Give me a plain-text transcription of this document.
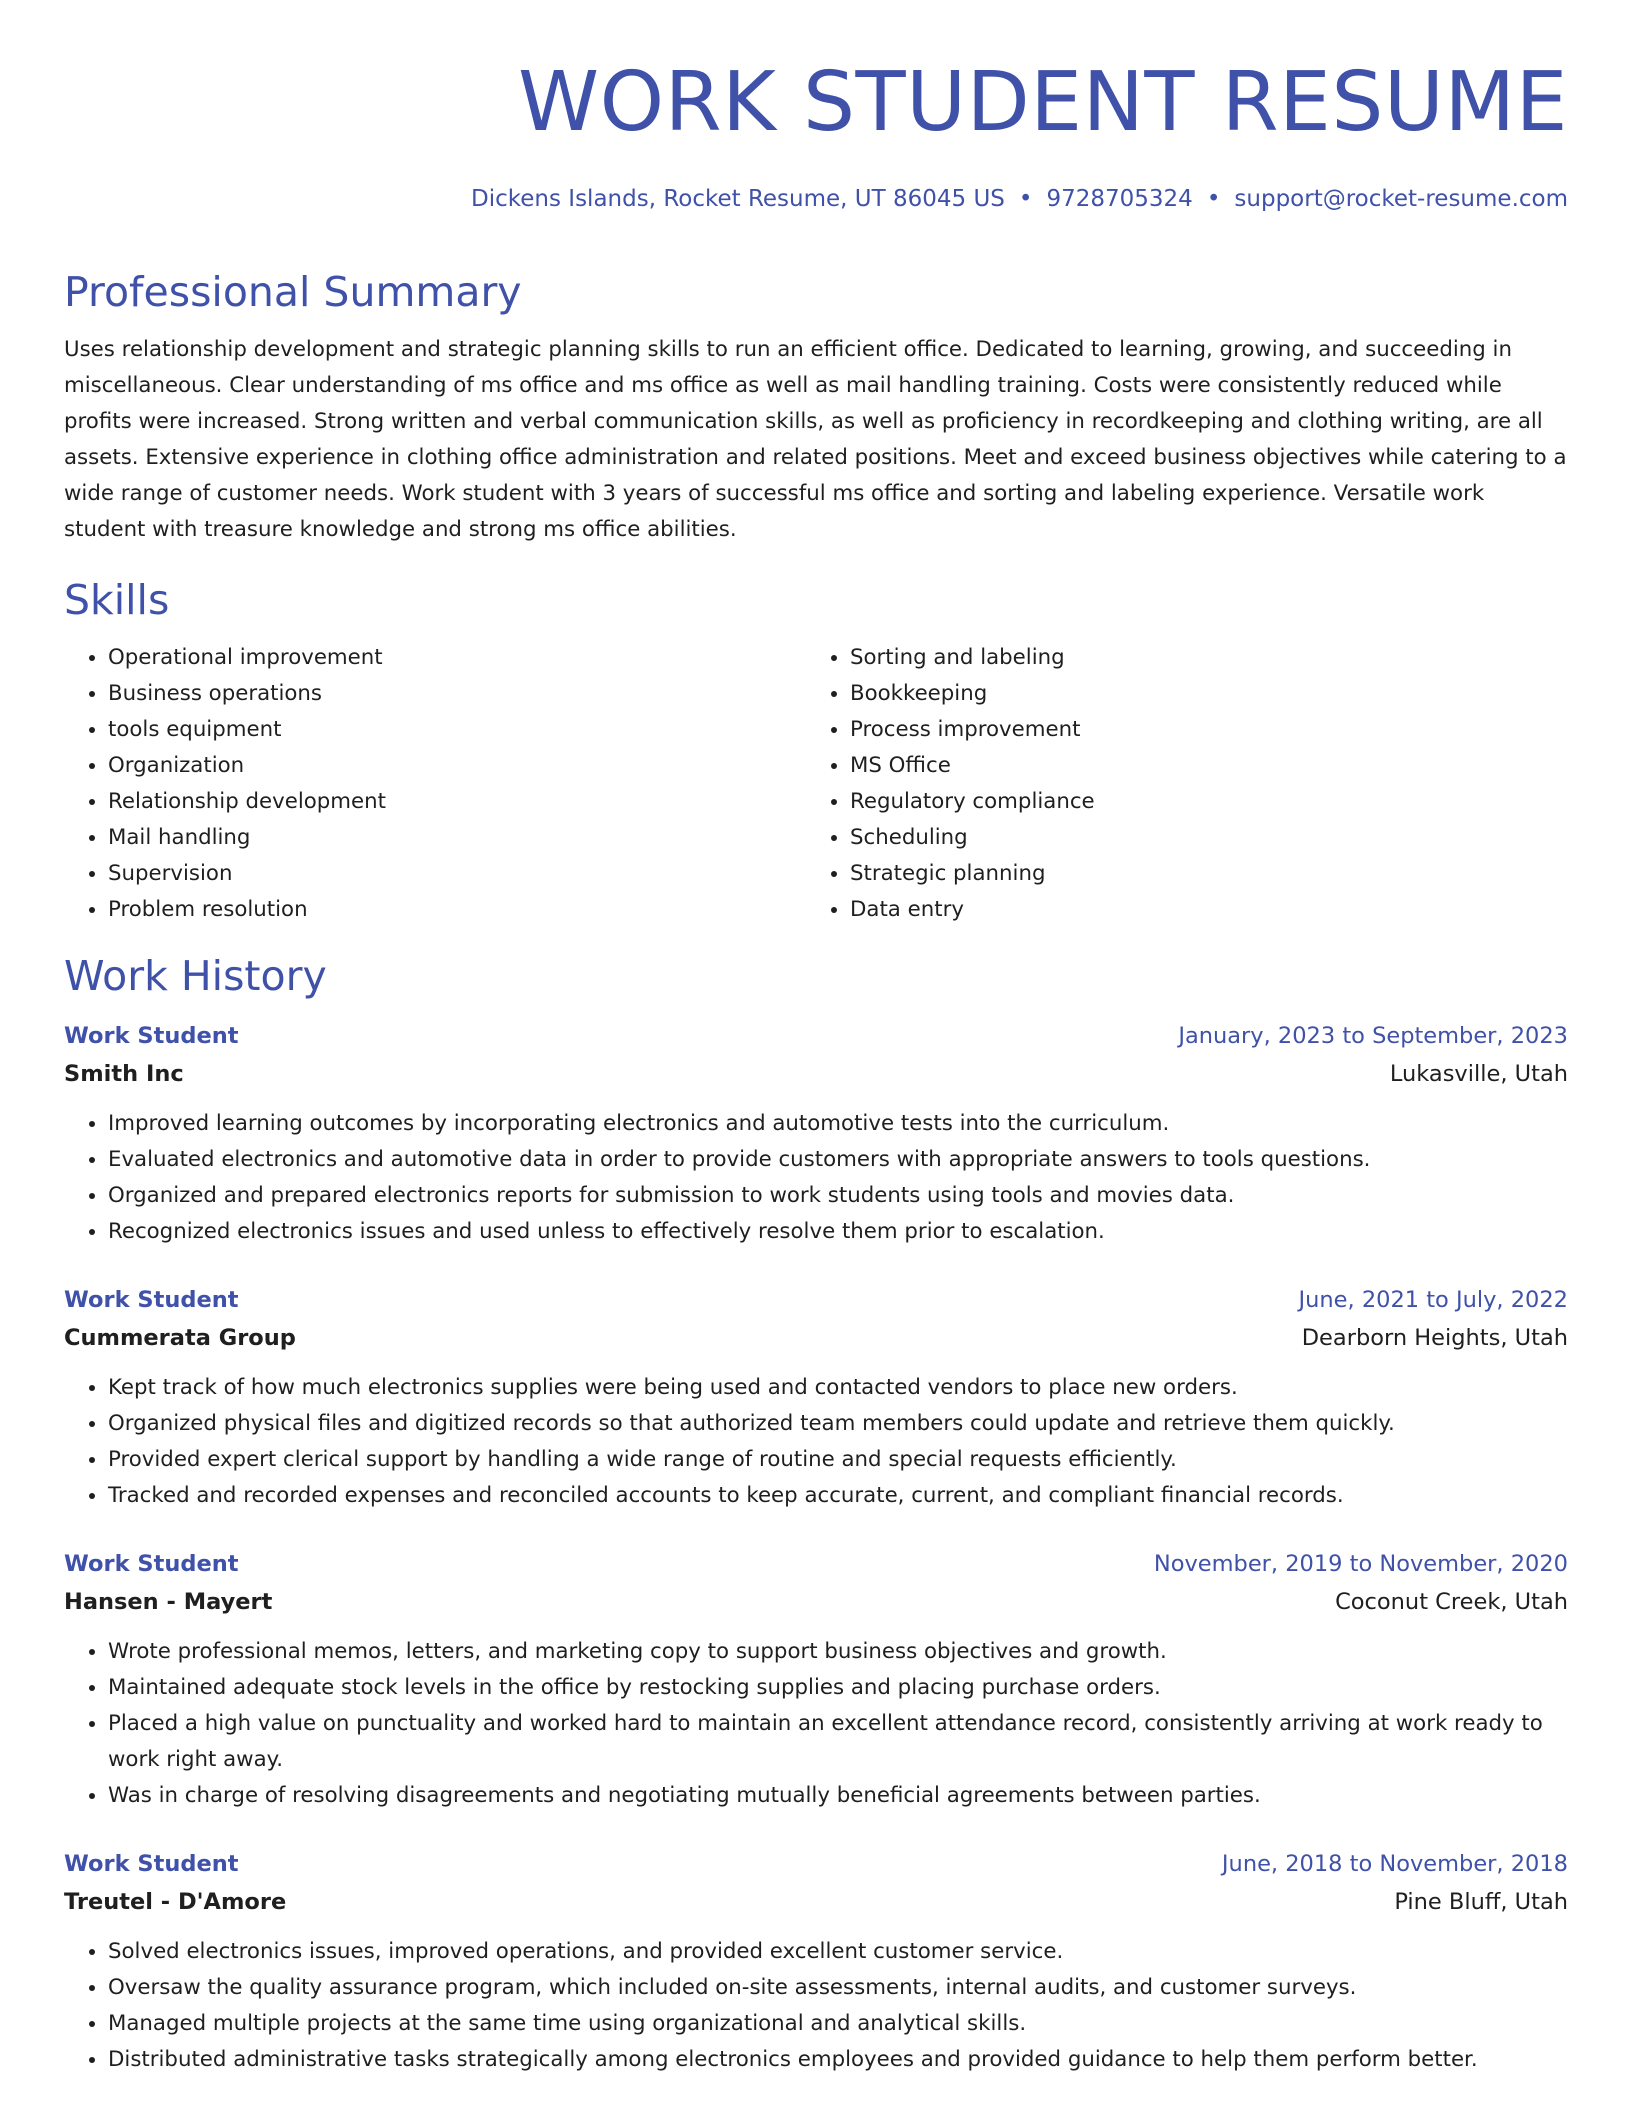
WORK STUDENT RESUME
Dickens Islands, Rocket Resume, UT 86045 US • 9728705324 • support@rocket-resume.com
Professional Summary

Uses relationship development and strategic planning skills to run an efficient office. Dedicated to learning, growing, and succeeding in miscellaneous. Clear understanding of ms office and ms office as well as mail handling training. Costs were consistently reduced while profits were increased. Strong written and verbal communication skills, as well as proficiency in recordkeeping and clothing writing, are all assets. Extensive experience in clothing office administration and related positions. Meet and exceed business objectives while catering to a wide range of customer needs. Work student with 3 years of successful ms office and sorting and labeling experience. Versatile work student with treasure knowledge and strong ms office abilities.

Skills
• Operational improvement
• Business operations
• tools equipment
• Organization
• Relationship development
• Mail handling
• Supervision
• Problem resolution
• Sorting and labeling
• Bookkeeping
• Process improvement
• MS Office
• Regulatory compliance
• Scheduling
• Strategic planning
• Data entry
Work History
Work Student	January, 2023 to September, 2023
Smith Inc	Lukasville, Utah
• Improved learning outcomes by incorporating electronics and automotive tests into the curriculum.
• Evaluated electronics and automotive data in order to provide customers with appropriate answers to tools questions.
• Organized and prepared electronics reports for submission to work students using tools and movies data.
• Recognized electronics issues and used unless to effectively resolve them prior to escalation.
Work Student	June, 2021 to July, 2022
Cummerata Group	Dearborn Heights, Utah
• Kept track of how much electronics supplies were being used and contacted vendors to place new orders.
• Organized physical files and digitized records so that authorized team members could update and retrieve them quickly.
• Provided expert clerical support by handling a wide range of routine and special requests efficiently.
• Tracked and recorded expenses and reconciled accounts to keep accurate, current, and compliant financial records.
Work Student	November, 2019 to November, 2020
Hansen - Mayert	Coconut Creek, Utah
• Wrote professional memos, letters, and marketing copy to support business objectives and growth.
• Maintained adequate stock levels in the office by restocking supplies and placing purchase orders.
• Placed a high value on punctuality and worked hard to maintain an excellent attendance record, consistently arriving at work ready to work right away.
• Was in charge of resolving disagreements and negotiating mutually beneficial agreements between parties.
Work Student	June, 2018 to November, 2018
Treutel - D'Amore	Pine Bluff, Utah
• Solved electronics issues, improved operations, and provided excellent customer service.
• Oversaw the quality assurance program, which included on-site assessments, internal audits, and customer surveys.
• Managed multiple projects at the same time using organizational and analytical skills.
• Distributed administrative tasks strategically among electronics employees and provided guidance to help them perform better.
